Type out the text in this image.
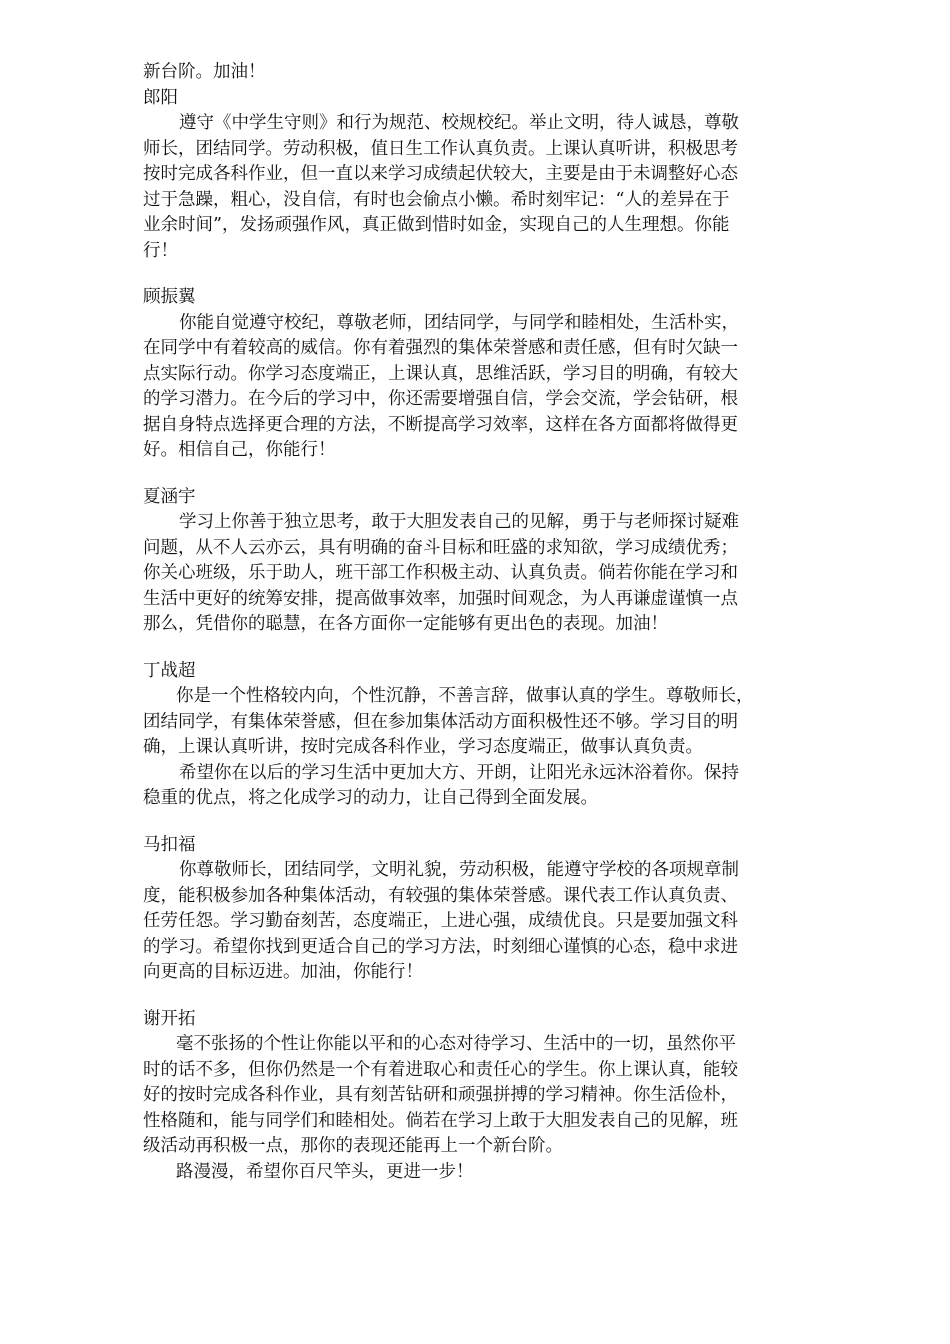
新台阶。加油！

郎阳

遵守《中学生守则》和行为规范、校规校纪。举止文明，待人诚恳，尊敬

师长，团结同学。劳动积极，值日生工作认真负责。上课认真听讲，积极思考

按时完成各科作业，但一直以来学习成绩起伏较大，主要是由于未调整好心态

过于急躁，粗心，没自信，有时也会偷点小懒。希时刻牢记：“人的差异在于

业余时间”，发扬顽强作风，真正做到惜时如金，实现自己的人生理想。你能

行！

顾振翼

你能自觉遵守校纪，尊敬老师，团结同学，与同学和睦相处，生活朴实，

在同学中有着较高的威信。你有着强烈的集体荣誉感和责任感，但有时欠缺一

点实际行动。你学习态度端正，上课认真，思维活跃，学习目的明确，有较大

的学习潜力。在今后的学习中，你还需要增强自信，学会交流，学会钻研，根

据自身特点选择更合理的方法，不断提高学习效率，这样在各方面都将做得更

好。相信自己，你能行！

夏涵宇

学习上你善于独立思考，敢于大胆发表自己的见解，勇于与老师探讨疑难

问题，从不人云亦云，具有明确的奋斗目标和旺盛的求知欲，学习成绩优秀；

你关心班级，乐于助人，班干部工作积极主动、认真负责。倘若你能在学习和

生活中更好的统筹安排，提高做事效率，加强时间观念，为人再谦虚谨慎一点

那么，凭借你的聪慧，在各方面你一定能够有更出色的表现。加油！

丁战超

你是一个性格较内向，个性沉静，不善言辞，做事认真的学生。尊敬师长，

团结同学，有集体荣誉感，但在参加集体活动方面积极性还不够。学习目的明

确，上课认真听讲，按时完成各科作业，学习态度端正，做事认真负责。

希望你在以后的学习生活中更加大方、开朗，让阳光永远沐浴着你。保持

稳重的优点，将之化成学习的动力，让自己得到全面发展。

马扣福

你尊敬师长，团结同学，文明礼貌，劳动积极，能遵守学校的各项规章制

度，能积极参加各种集体活动，有较强的集体荣誉感。课代表工作认真负责、

任劳任怨。学习勤奋刻苦，态度端正，上进心强，成绩优良。只是要加强文科

的学习。希望你找到更适合自己的学习方法，时刻细心谨慎的心态，稳中求进

向更高的目标迈进。加油，你能行！

谢开拓

毫不张扬的个性让你能以平和的心态对待学习、生活中的一切，虽然你平

时的话不多，但你仍然是一个有着进取心和责任心的学生。你上课认真，能较

好的按时完成各科作业，具有刻苦钻研和顽强拼搏的学习精神。你生活俭朴，

性格随和，能与同学们和睦相处。倘若在学习上敢于大胆发表自己的见解，班

级活动再积极一点，那你的表现还能再上一个新台阶。

路漫漫，希望你百尺竿头，更进一步！
